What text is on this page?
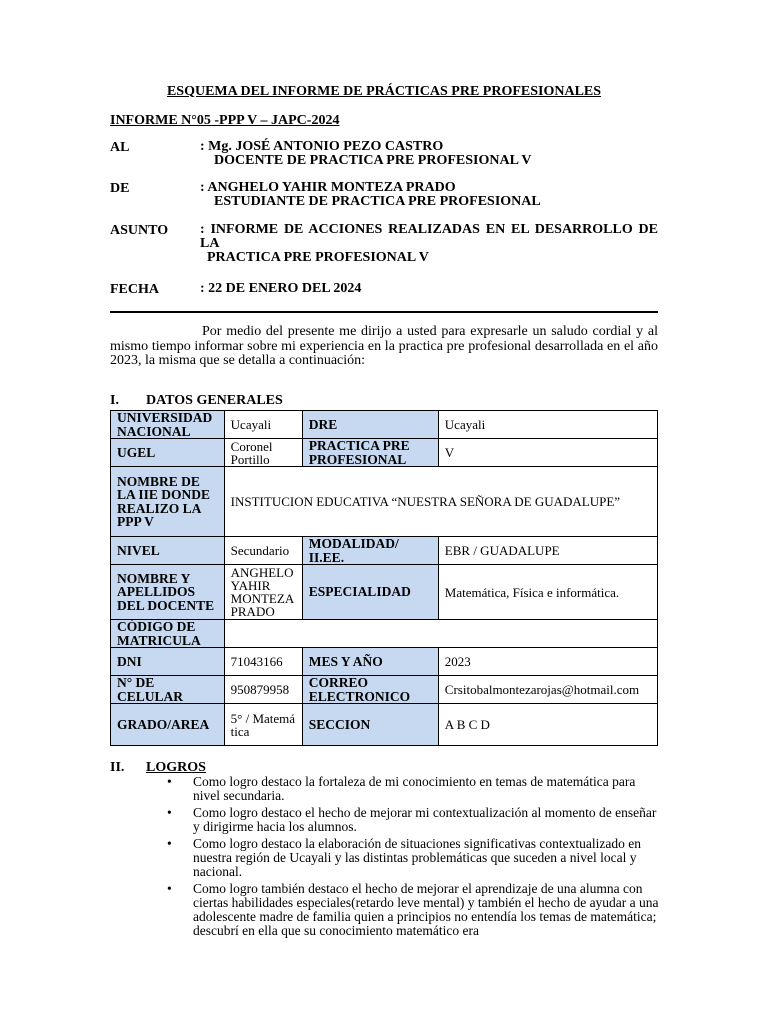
ESQUEMA DEL INFORME DE PRÁCTICAS PRE PROFESIONALES
INFORME N°05 -PPP V – JAPC-2024
AL	: Mg. JOSÉ ANTONIO PEZO CASTRO
DOCENTE DE PRACTICA PRE PROFESIONAL V
DE	: ANGHELO YAHIR MONTEZA PRADO
ESTUDIANTE DE PRACTICA PRE PROFESIONAL
ASUNTO : INFORME DE ACCIONES REALIZADAS EN EL DESARROLLO DE LA
PRACTICA PRE PROFESIONAL V
FECHA	: 22 DE ENERO DEL 2024
Por medio del presente me dirijo a usted para expresarle un saludo cordial y al mismo tiempo informar sobre mi experiencia en la practica pre profesional desarrollada en el año 2023, la misma que se detalla a continuación:
I. DATOS GENERALES
UNIVERSIDAD NACIONAL	Ucayali	DRE	Ucayali
UGEL	Coronel Portillo	PRACTICA PRE PROFESIONAL	V
NOMBRE DE LA IIE DONDE REALIZO LA PPP V	INSTITUCION EDUCATIVA “NUESTRA SEÑORA DE GUADALUPE”		
NIVEL	Secundario	MODALIDAD/ II.EE.	EBR / GUADALUPE
NOMBRE Y APELLIDOS DEL DOCENTE	ANGHELO YAHIR MONTEZA PRADO	ESPECIALIDAD	Matemática, Física e informática.
CÓDIGO DE MATRICULA			
DNI	71043166	MES Y AÑO	2023
N° DE CELULAR	950879958	CORREO ELECTRONICO	Crsitobalmontezarojas@hotmail.com
GRADO/AREA	5° / Matemática	SECCION	A B C D
II.	LOGROS
• Como logro destaco la fortaleza de mi conocimiento en temas de matemática para nivel secundaria.
• Como logro destaco el hecho de mejorar mi contextualización al momento de enseñar y dirigirme hacia los alumnos.
• Como logro destaco la elaboración de situaciones significativas contextualizado en nuestra región de Ucayali y las distintas problemáticas que suceden a nivel local y nacional.
• Como logro también destaco el hecho de mejorar el aprendizaje de una alumna con ciertas habilidades especiales(retardo leve mental) y también el hecho de ayudar a una adolescente madre de familia quien a principios no entendía los temas de matemática; descubrí en ella que su conocimiento matemático era
